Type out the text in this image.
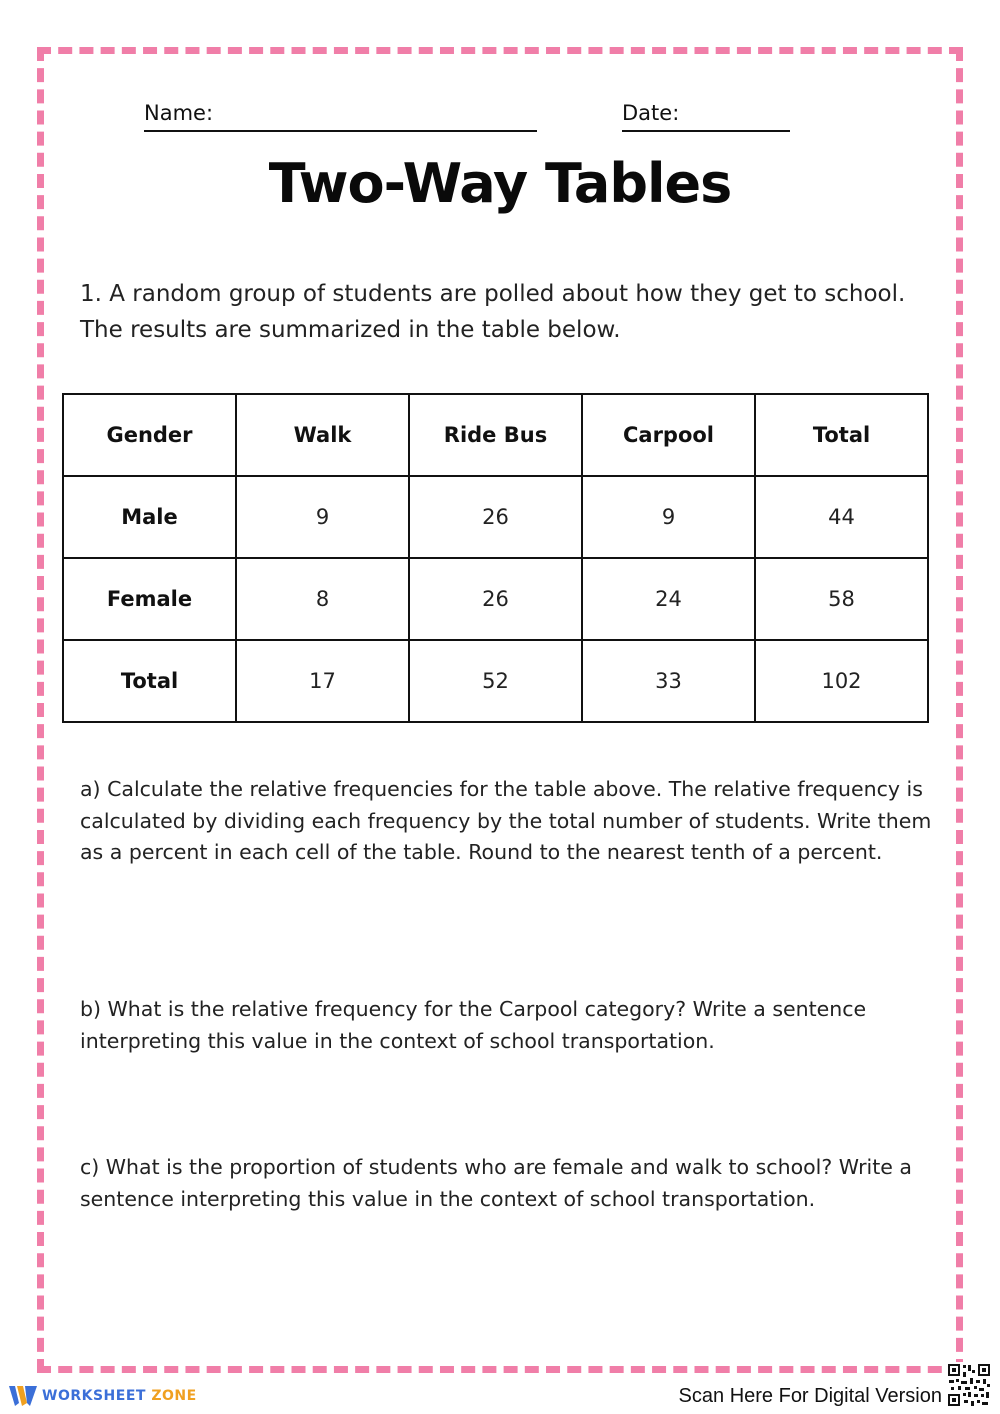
Name:	Date:
Two-Way Tables
1. A random group of students are polled about how they get to school. The results are summarized in the table below.
Gender	Walk	Ride Bus	Carpool	Total
Male	9	26	9	44
Female	8	26	24	58
Total	17	52	33	102
a) Calculate the relative frequencies for the table above. The relative frequency is calculated by dividing each frequency by the total number of students. Write them as a percent in each cell of the table. Round to the nearest tenth of a percent.
b) What is the relative frequency for the Carpool category? Write a sentence interpreting this value in the context of school transportation.
c) What is the proportion of students who are female and walk to school? Write a sentence interpreting this value in the context of school transportation.
WORKSHEET ZONE	Scan Here For Digital Version
